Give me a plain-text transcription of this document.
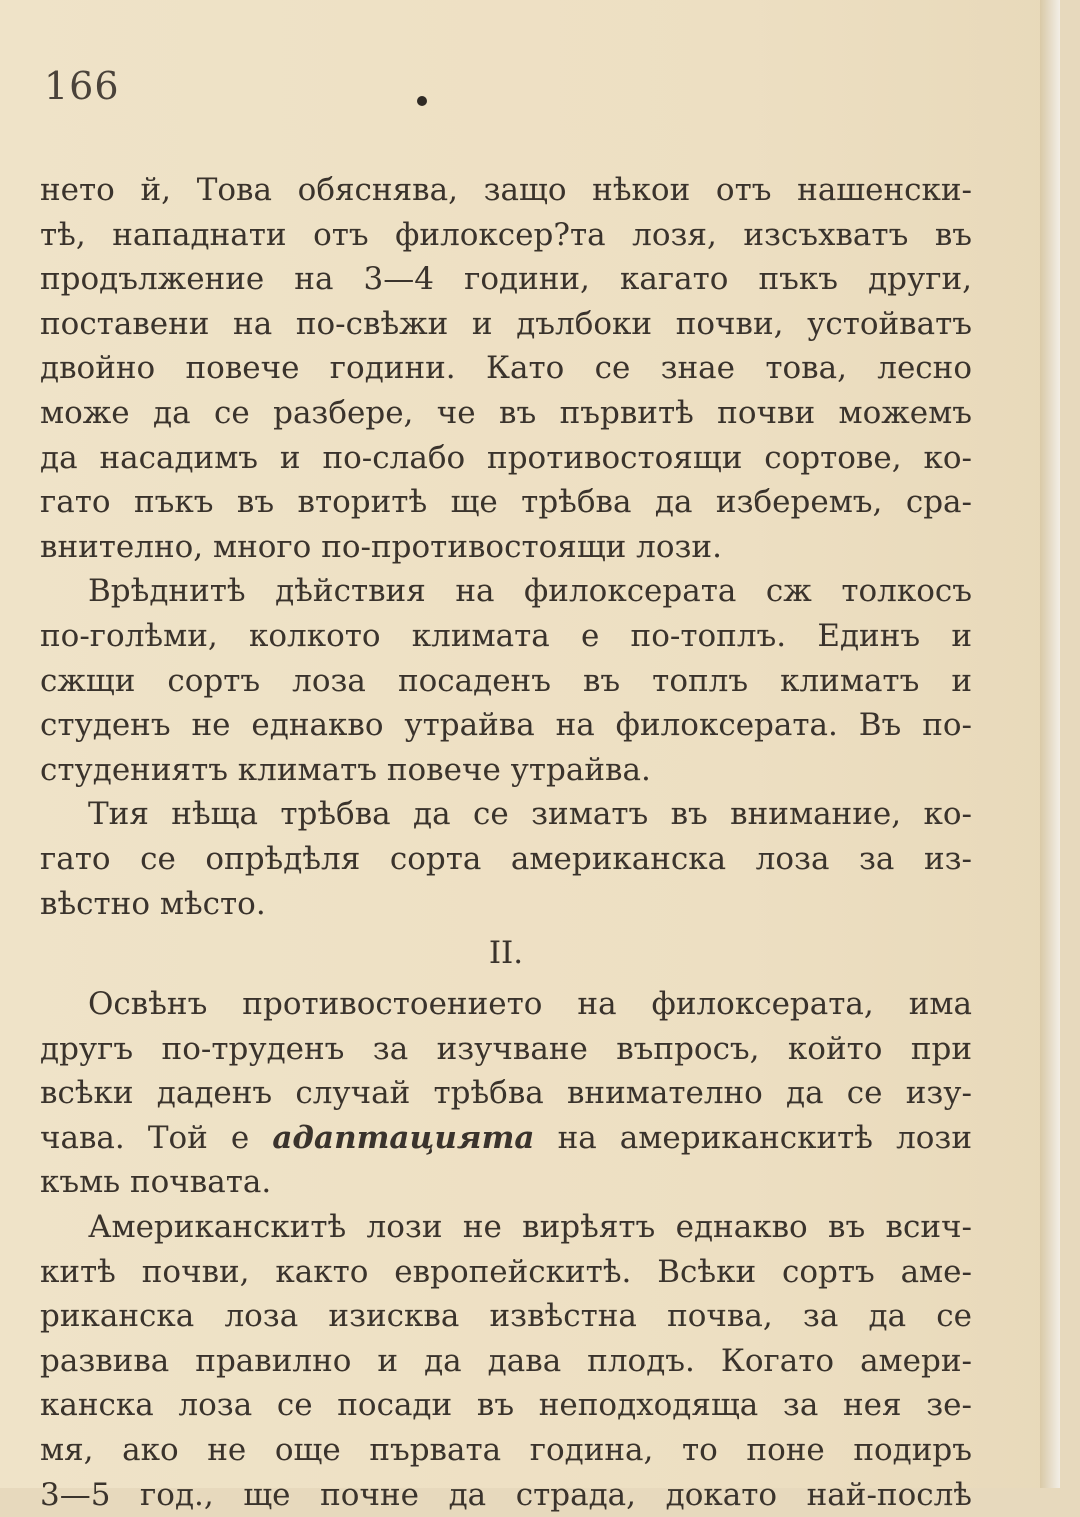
166
нето й, Това обяснява, защо нѣкои отъ нашенски-
тѣ, нападнати отъ филоксер?та лозя, изсъхватъ въ
продължение на 3—4 години, кагато пъкъ други,
поставени на по-свѣжи и дълбоки почви, устойватъ
двойно повече години. Като се знае това, лесно
може да се разбере, че въ първитѣ почви можемъ
да насадимъ и по-слабо противостоящи сортове, ко-
гато пъкъ въ вторитѣ ще трѣбва да изберемъ, сра-
внително, много по-противостоящи лози.
Врѣднитѣ дѣйствия на филоксерата сж толкосъ
по-голѣми, колкото климата е по-топлъ. Единъ и
сжщи сортъ лоза посаденъ въ топлъ климатъ и
студенъ не еднакво утрайва на филоксерата. Въ по-
студениятъ климатъ повече утрайва.
Тия нѣща трѣбва да се зиматъ въ внимание, ко-
гато се опрѣдѣля сорта американска лоза за из-
вѣстно мѣсто.
II.
Освѣнъ противостоението на филоксерата, има
другъ по-труденъ за изучване въпросъ, който при
всѣки даденъ случай трѣбва внимателно да се изу-
чава. Той е адаптацията на американскитѣ лози
къмь почвата.
Американскитѣ лози не вирѣятъ еднакво въ всич-
китѣ почви, както европейскитѣ. Всѣки сортъ аме-
риканска лоза изисква извѣстна почва, за да се
развива правилно и да дава плодъ. Когато амери-
канска лоза се посади въ неподходяща за нея зе-
мя, ако не още първата година, то поне подиръ
3—5 год., ще почне да страда, докато най-послѣ
